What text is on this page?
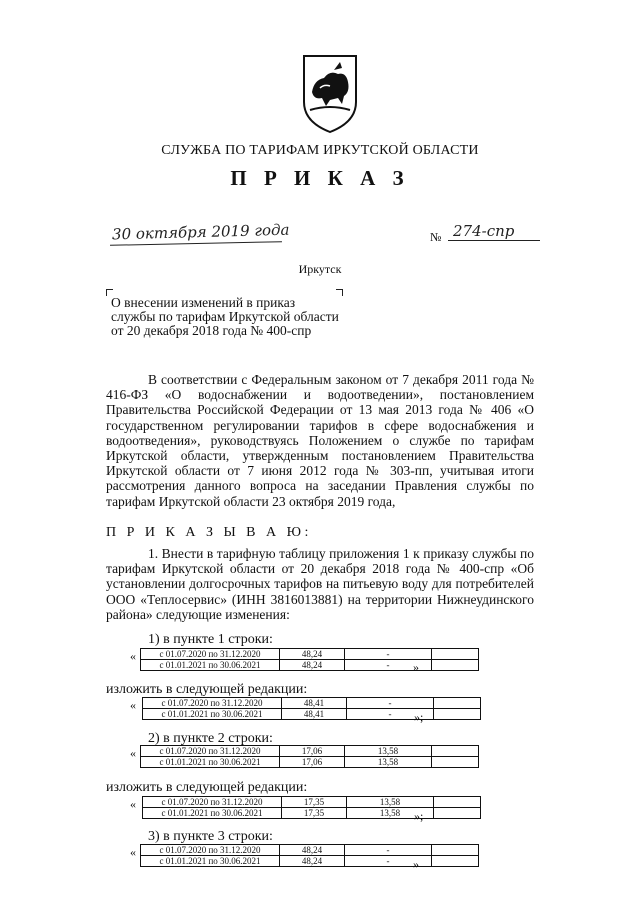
СЛУЖБА ПО ТАРИФАМ ИРКУТСКОЙ ОБЛАСТИ
П Р И К А З
30 октября 2019 года	№ 274-спр
Иркутск
О внесении изменений в приказ службы по тарифам Иркутской области от 20 декабря 2018 года № 400-спр
В соответствии с Федеральным законом от 7 декабря 2011 года № 416-ФЗ «О водоснабжении и водоотведении», постановлением Правительства Российской Федерации от 13 мая 2013 года № 406 «О государственном регулировании тарифов в сфере водоснабжения и водоотведения», руководствуясь Положением о службе по тарифам Иркутской области, утвержденным постановлением Правительства Иркутской области от 7 июня 2012 года № 303-пп, учитывая итоги рассмотрения данного вопроса на заседании Правления службы по тарифам Иркутской области 23 октября 2019 года,
П Р И К А З Ы В А Ю:
1. Внести в тарифную таблицу приложения 1 к приказу службы по тарифам Иркутской области от 20 декабря 2018 года № 400-спр «Об установлении долгосрочных тарифов на питьевую воду для потребителей ООО «Теплосервис» (ИНН 3816013881) на территории Нижнеудинского района» следующие изменения:
1) в пункте 1 строки:
«	с 01.07.2020 по 31.12.2020	48,24	-	
с 01.01.2021 по 30.06.2021	48,24	-	»
изложить в следующей редакции:
«	с 01.07.2020 по 31.12.2020	48,41	-	
с 01.01.2021 по 30.06.2021	48,41	-	»;
2) в пункте 2 строки:
«	с 01.07.2020 по 31.12.2020	17,06	13,58	
с 01.01.2021 по 30.06.2021	17,06	13,58	
изложить в следующей редакции:
«	с 01.07.2020 по 31.12.2020	17,35	13,58	
с 01.01.2021 по 30.06.2021	17,35	13,58	»;
3) в пункте 3 строки:
«	с 01.07.2020 по 31.12.2020	48,24	-	
с 01.01.2021 по 30.06.2021	48,24	-	»
